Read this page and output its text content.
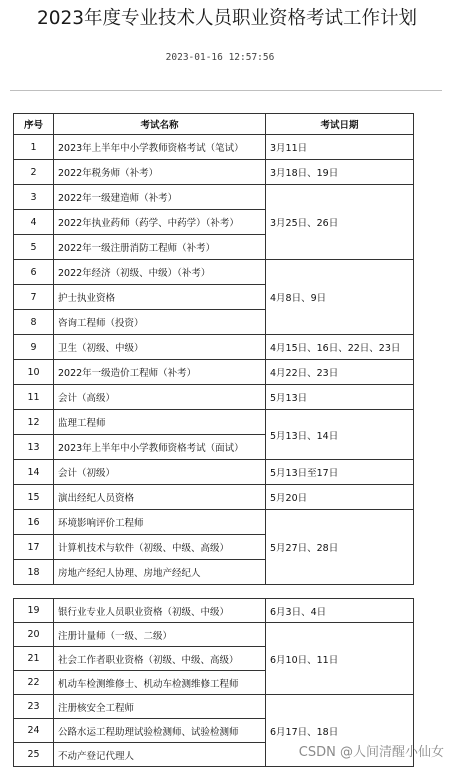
2023年度专业技术人员职业资格考试工作计划
2023-01-16 12:57:56
序号	考试名称	考试日期
1	2023年上半年中小学教师资格考试（笔试）	3月11日
2	2022年税务师（补考）	3月18日、19日
3	2022年一级建造师（补考）	3月25日、26日
4	2022年执业药师（药学、中药学）（补考）	
5	2022年一级注册消防工程师（补考）	
6	2022年经济（初级、中级）（补考）	4月8日、9日
7	护士执业资格	
8	咨询工程师（投资）	
9	卫生（初级、中级）	4月15日、16日、22日、23日
10	2022年一级造价工程师（补考）	4月22日、23日
11	会计（高级）	5月13日
12	监理工程师	5月13日、14日
13	2023年上半年中小学教师资格考试（面试）	
14	会计（初级）	5月13日至17日
15	演出经纪人员资格	5月20日
16	环境影响评价工程师	5月27日、28日
17	计算机技术与软件（初级、中级、高级）	
18	房地产经纪人协理、房地产经纪人	
19	银行业专业人员职业资格（初级、中级）	6月3日、4日
20	注册计量师（一级、二级）	6月10日、11日
21	社会工作者职业资格（初级、中级、高级）	
22	机动车检测维修士、机动车检测维修工程师	
23	注册核安全工程师	6月17日、18日
24	公路水运工程助理试验检测师、试验检测师	
25	不动产登记代理人		CSDN @人间清醒小仙女
